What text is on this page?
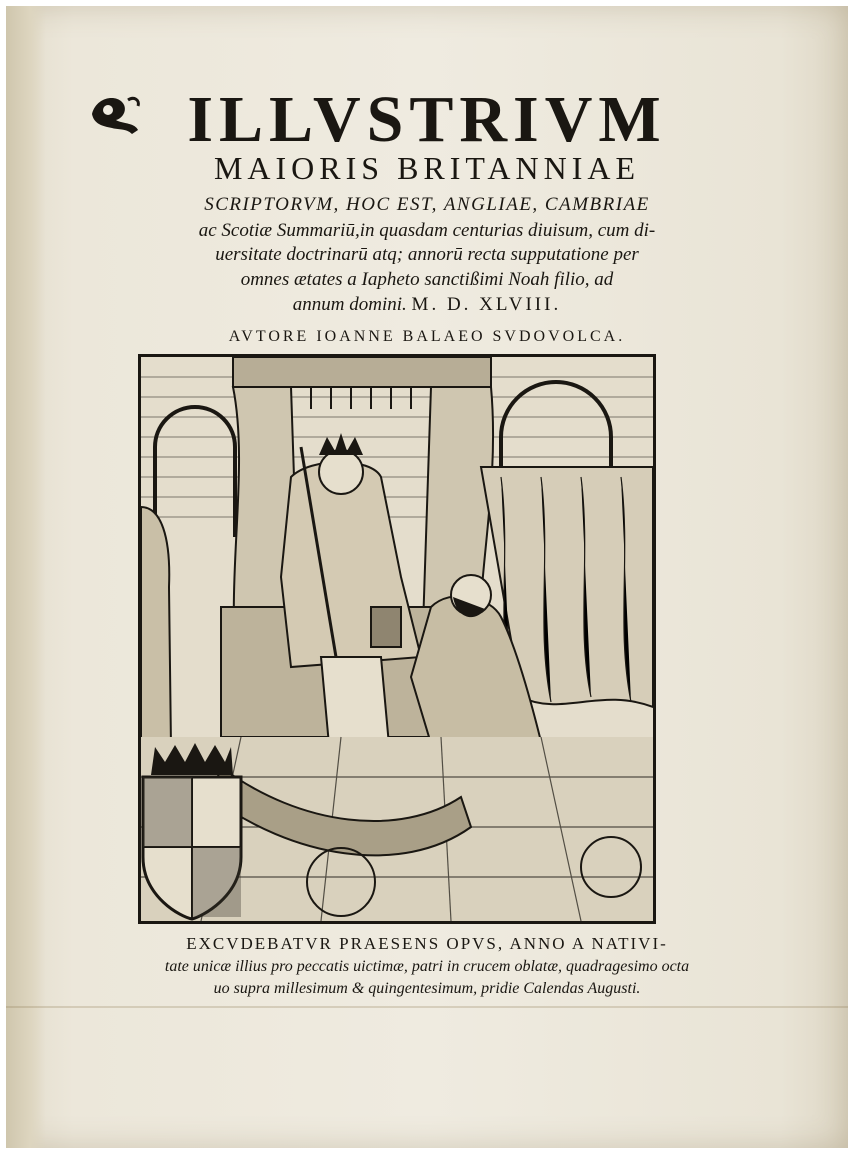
ILLVSTRIVM
MAIORIS BRITANNIAE
SCRIPTORVM, HOC EST, ANGLIAE, CAMBRIAE
ac Scotiæ Summariū,in quasdam centurias diuisum, cum di-
uersitate doctrinarū atq; annorū recta supputatione per
omnes ætates a Iapheto sanctißimi Noah filio, ad
annum domini. M. D. XLVIII.
AVTORE IOANNE BALAEO SVDOVOLCA.
EXCVDEBATVR PRAESENS OPVS, ANNO A NATIVI-
tate unicæ illius pro peccatis uictimæ, patri in crucem oblatæ, quadragesimo octa
uo supra millesimum & quingentesimum, pridie Calendas Augusti.
